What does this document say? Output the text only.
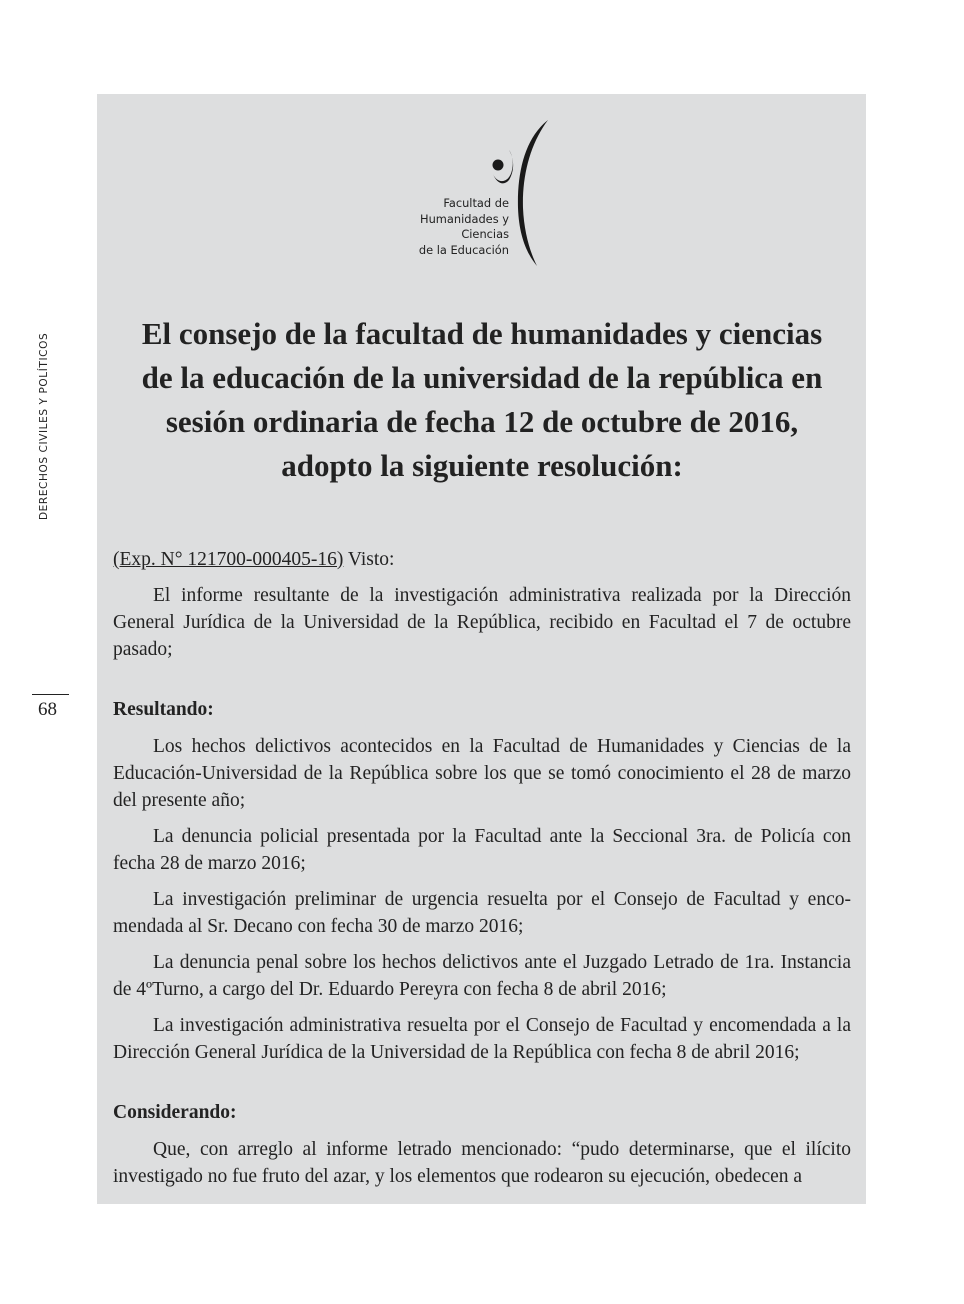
DERECHOS CIVILES Y POLÍTICOS
68
Facultad de
Humanidades y
Ciencias
de la Educación
El consejo de la facultad de humanidades y ciencias
de la educación de la universidad de la república en
sesión ordinaria de fecha 12 de octubre de 2016,
adopto la siguiente resolución:

(Exp. N° 121700-000405-16) Visto:

El informe resultante de la investigación administrativa realizada por la Dirección General Jurídica de la Universidad de la República, recibido en Facultad el 7 de octubre pasado;

Resultando:

Los hechos delictivos acontecidos en la Facultad de Humanidades y Ciencias de la Educación-Universidad de la República sobre los que se tomó conocimiento el 28 de marzo del presente año;

La denuncia policial presentada por la Facultad ante la Seccional 3ra. de Policía con fecha 28 de marzo 2016;

La investigación preliminar de urgencia resuelta por el Consejo de Facultad y encomendada al Sr. Decano con fecha 30 de marzo 2016;

La denuncia penal sobre los hechos delictivos ante el Juzgado Letrado de 1ra. Instancia de 4ºTurno, a cargo del Dr. Eduardo Pereyra con fecha 8 de abril 2016;

La investigación administrativa resuelta por el Consejo de Facultad y encomendada a la Dirección General Jurídica de la Universidad de la República con fecha 8 de abril 2016;

Considerando:

Que, con arreglo al informe letrado mencionado: “pudo determinarse, que el ilícito investigado no fue fruto del azar, y los elementos que rodearon su ejecución, obedecen a
